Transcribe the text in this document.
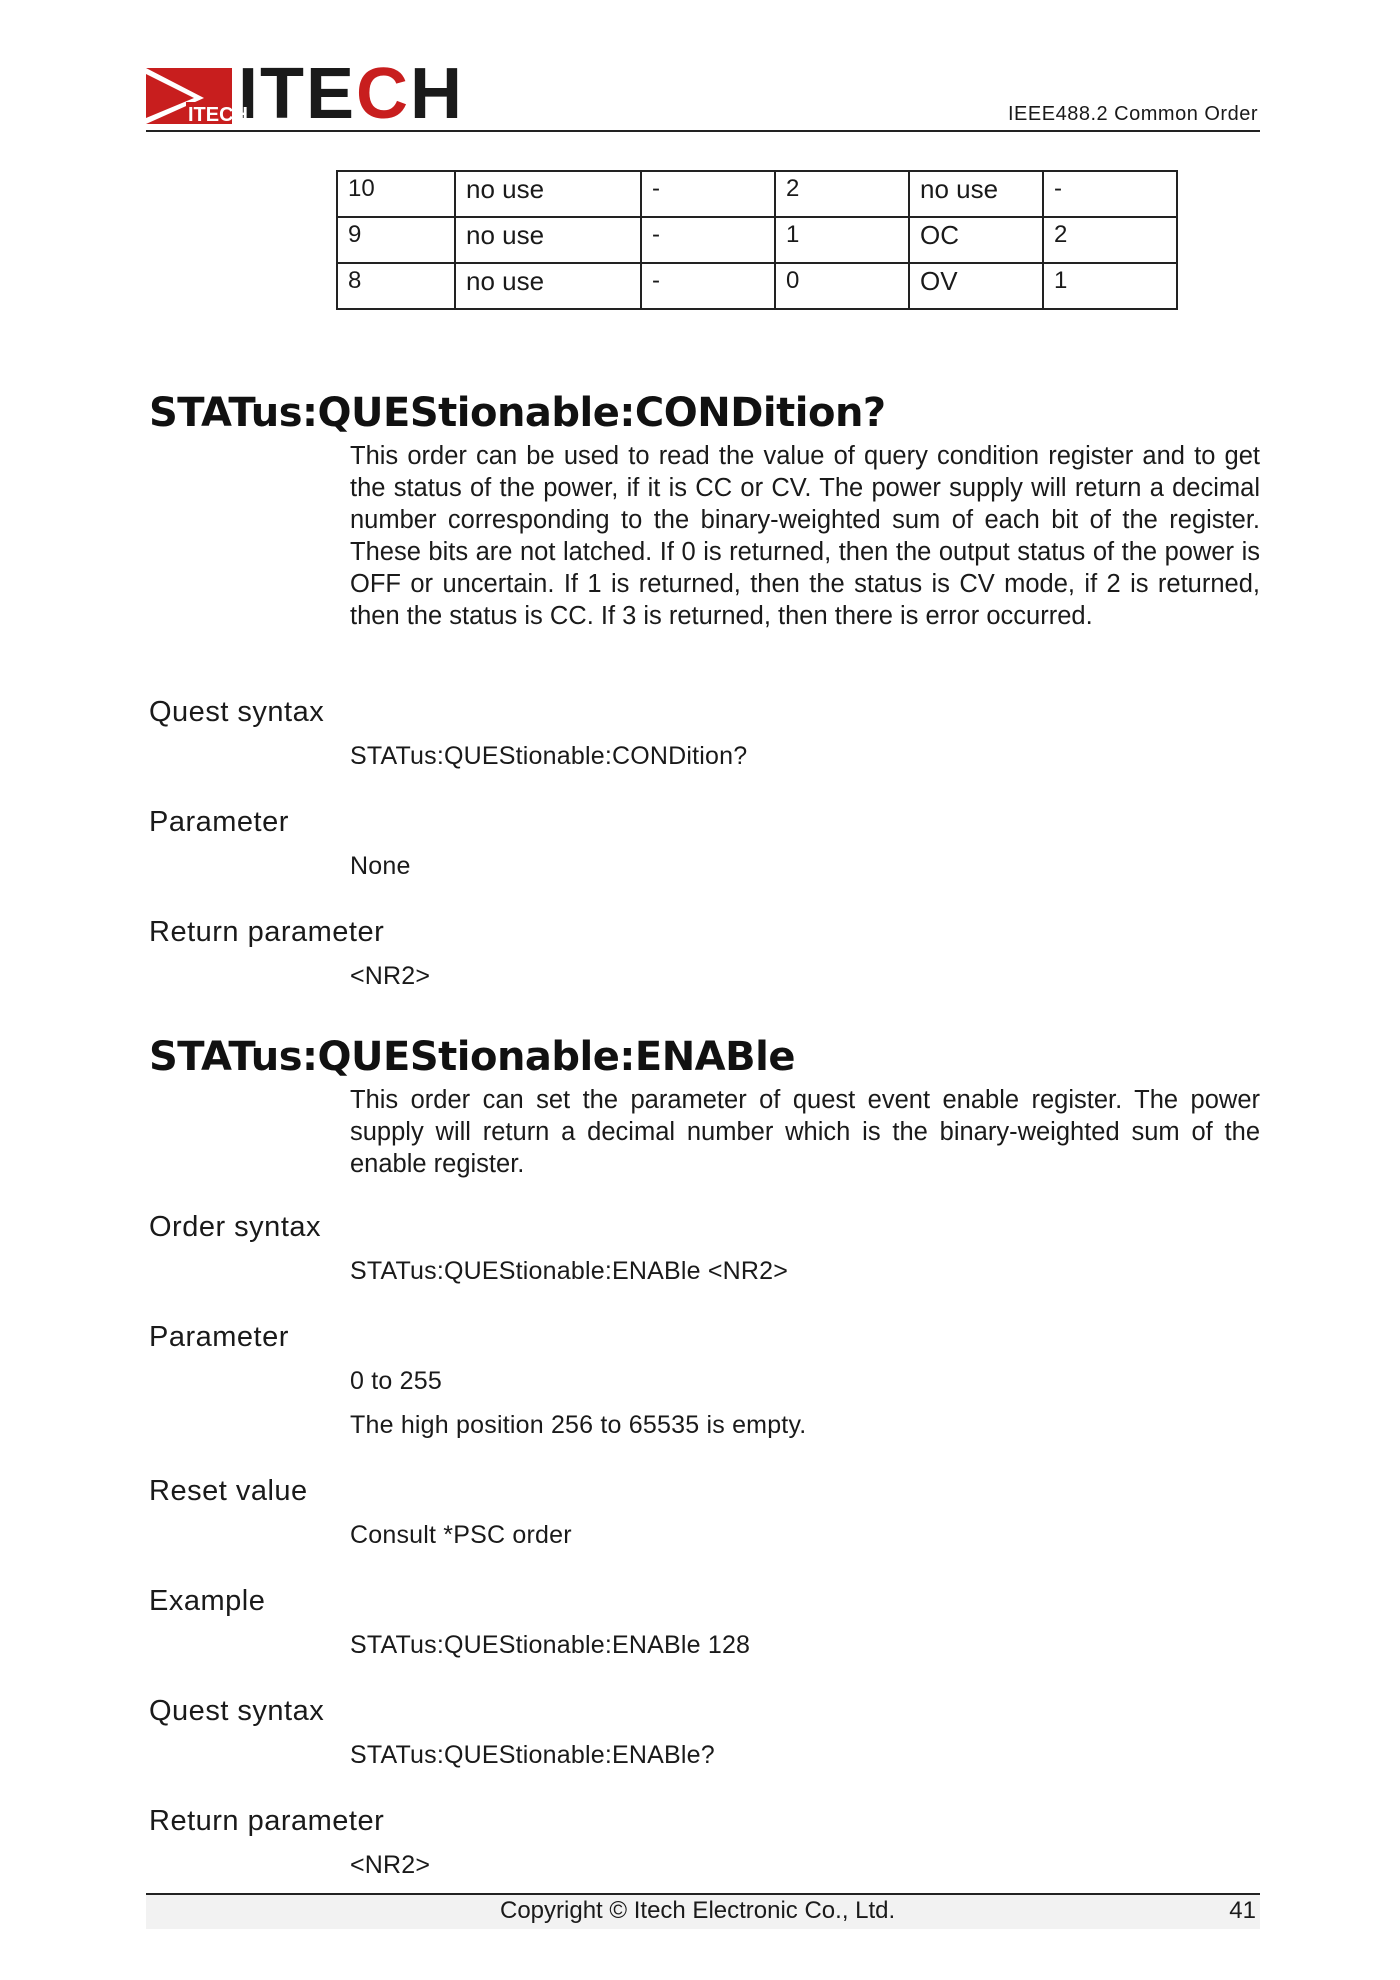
ITECH
ITECH	IEEE488.2 Common Order
10	no use	-	2	no use	-
9	no use	-	1	OC	2
8	no use	-	0	OV	1
STATus:QUEStionable:CONDition?

This order can be used to read the value of query condition register and to get the status of the power, if it is CC or CV. The power supply will return a decimal number corresponding to the binary-weighted sum of each bit of the register. These bits are not latched. If 0 is returned, then the output status of the power is OFF or uncertain. If 1 is returned, then the status is CV mode, if 2 is returned, then the status is CC. If 3 is returned, then there is error occurred.

Quest syntax
STATus:QUEStionable:CONDition?
Parameter
None
Return parameter
<NR2>
STATus:QUEStionable:ENABle

This order can set the parameter of quest event enable register. The power supply will return a decimal number which is the binary-weighted sum of the enable register.

Order syntax
STATus:QUEStionable:ENABle <NR2>
Parameter
0 to 255
The high position 256 to 65535 is empty.
Reset value
Consult *PSC order
Example
STATus:QUEStionable:ENABle 128
Quest syntax
STATus:QUEStionable:ENABle?
Return parameter
<NR2>
Copyright © Itech Electronic Co., Ltd.	41
